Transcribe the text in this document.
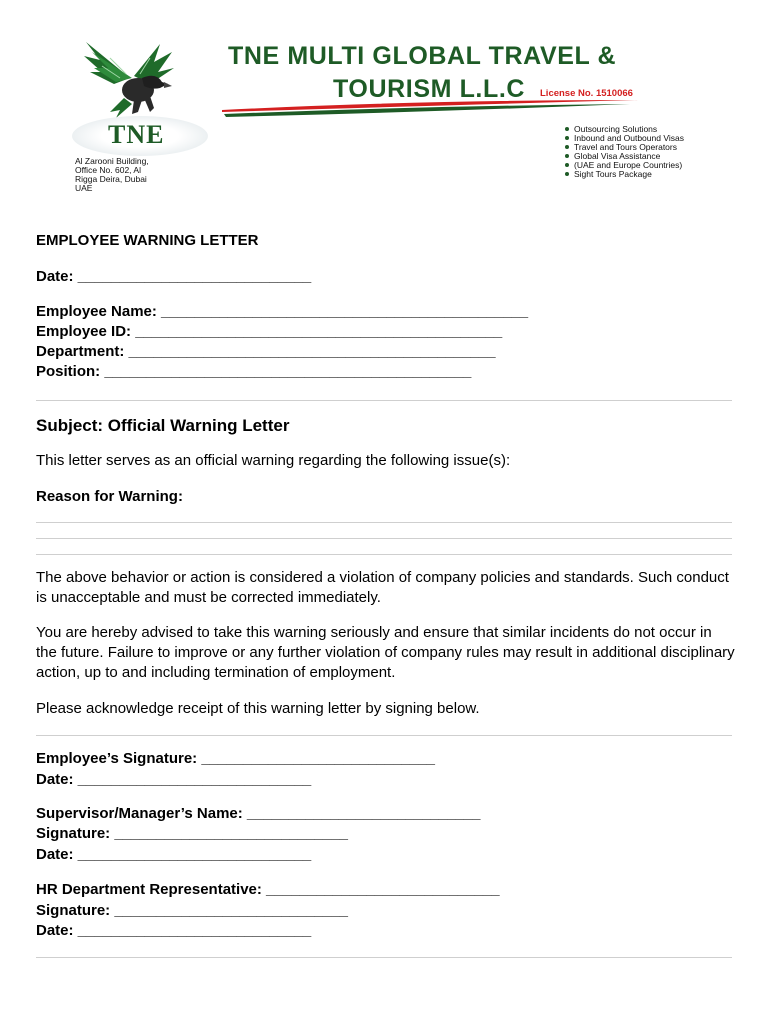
TNE
Al Zarooni Building,
Office No. 602, Al
Rigga Deira, Dubai
UAE
TNE MULTI GLOBAL TRAVEL &
TOURISM L.L.C License No. 1510066
Outsourcing Solutions
Inbound and Outbound Visas
Travel and Tours Operators
Global Visa Assistance
(UAE and Europe Countries)
Sight Tours Package
EMPLOYEE WARNING LETTER
Date: ____________________________
Employee Name: ____________________________________________
Employee ID: ____________________________________________
Department: ____________________________________________
Position: ____________________________________________
Subject: Official Warning Letter
This letter serves as an official warning regarding the following issue(s):
Reason for Warning:
The above behavior or action is considered a violation of company policies and standards. Such conduct is unacceptable and must be corrected immediately.
You are hereby advised to take this warning seriously and ensure that similar incidents do not occur in the future. Failure to improve or any further violation of company rules may result in additional disciplinary action, up to and including termination of employment.
Please acknowledge receipt of this warning letter by signing below.
Employee’s Signature: ____________________________
Date: ____________________________
Supervisor/Manager’s Name: ____________________________
Signature: ____________________________
Date: ____________________________
HR Department Representative: ____________________________
Signature: ____________________________
Date: ____________________________
